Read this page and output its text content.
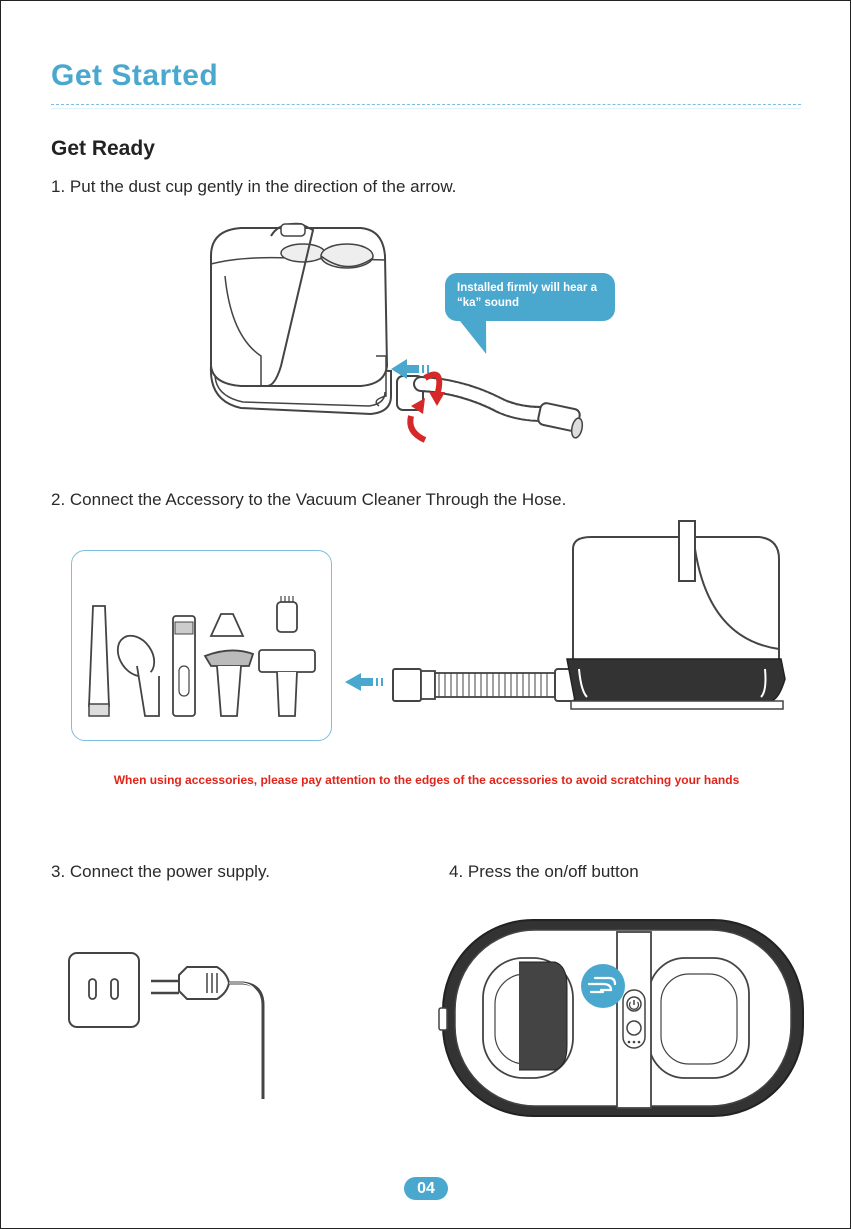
Get Started
Get Ready
1. Put the dust cup gently in the direction of the arrow.
Installed firmly will hear a
“ka” sound
2. Connect the Accessory to the Vacuum Cleaner Through the Hose.
When using accessories, please pay attention to the edges of the accessories to avoid scratching your hands
3. Connect the power supply.	4. Press the on/off button
04
